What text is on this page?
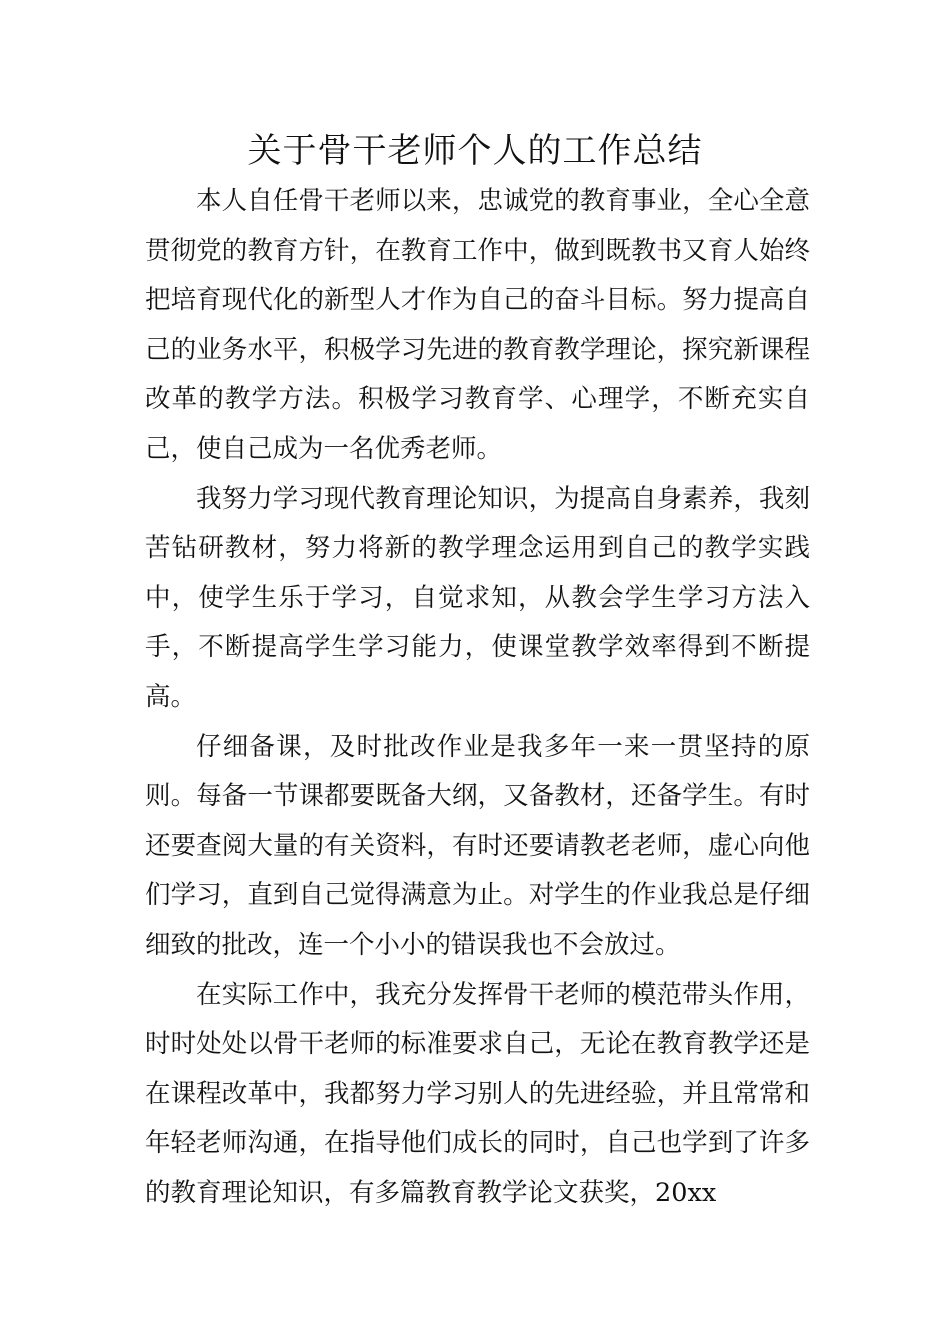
关于骨干老师个人的工作总结

本人自任骨干老师以来，忠诚党的教育事业，全心全意贯彻党的教育方针，在教育工作中，做到既教书又育人始终把培育现代化的新型人才作为自己的奋斗目标。努力提高自己的业务水平，积极学习先进的教育教学理论，探究新课程改革的教学方法。积极学习教育学、心理学，不断充实自己，使自己成为一名优秀老师。

我努力学习现代教育理论知识，为提高自身素养，我刻苦钻研教材，努力将新的教学理念运用到自己的教学实践中，使学生乐于学习，自觉求知，从教会学生学习方法入手，不断提高学生学习能力，使课堂教学效率得到不断提高。

仔细备课，及时批改作业是我多年一来一贯坚持的原则。每备一节课都要既备大纲，又备教材，还备学生。有时还要查阅大量的有关资料，有时还要请教老老师，虚心向他们学习，直到自己觉得满意为止。对学生的作业我总是仔细细致的批改，连一个小小的错误我也不会放过。

在实际工作中，我充分发挥骨干老师的模范带头作用，时时处处以骨干老师的标准要求自己，无论在教育教学还是在课程改革中，我都努力学习别人的先进经验，并且常常和年轻老师沟通，在指导他们成长的同时，自己也学到了许多的教育理论知识，有多篇教育教学论文获奖，20xx
